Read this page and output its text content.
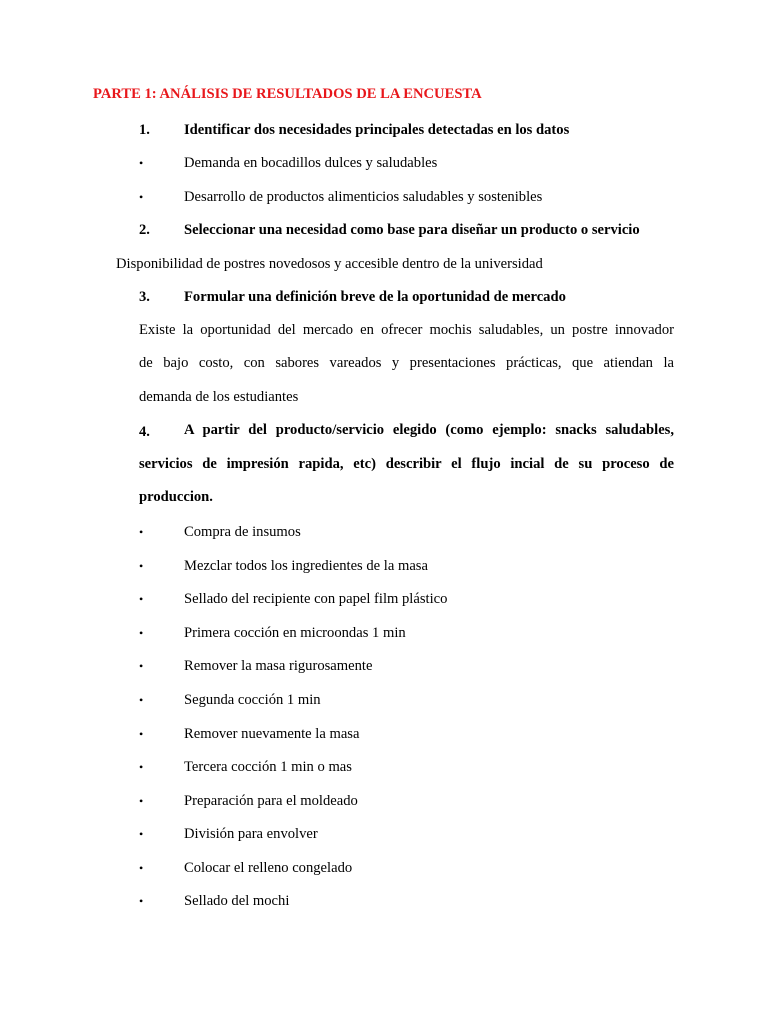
PARTE 1: ANÁLISIS DE RESULTADOS DE LA ENCUESTA
1. Identificar dos necesidades principales detectadas en los datos
•	Demanda en bocadillos dulces y saludables
•	Desarrollo de productos alimenticios saludables y sostenibles
2. Seleccionar una necesidad como base para diseñar un producto o servicio
Disponibilidad de postres novedosos y accesible dentro de la universidad
3. Formular una definición breve de la oportunidad de mercado
Existe la oportunidad del mercado en ofrecer mochis saludables, un postre innovador
de bajo costo, con sabores vareados y presentaciones prácticas, que atiendan la
demanda de los estudiantes
4. A partir del producto/servicio elegido (como ejemplo: snacks saludables,
servicios de impresión rapida, etc) describir el flujo incial de su proceso de
produccion.
•	Compra de insumos
•	Mezclar todos los ingredientes de la masa
•	Sellado del recipiente con papel film plástico
•	Primera cocción en microondas 1 min
•	Remover la masa rigurosamente
•	Segunda cocción 1 min
•	Remover nuevamente la masa
•	Tercera cocción 1 min o mas
•	Preparación para el moldeado
•	División para envolver
•	Colocar el relleno congelado
•	Sellado del mochi
